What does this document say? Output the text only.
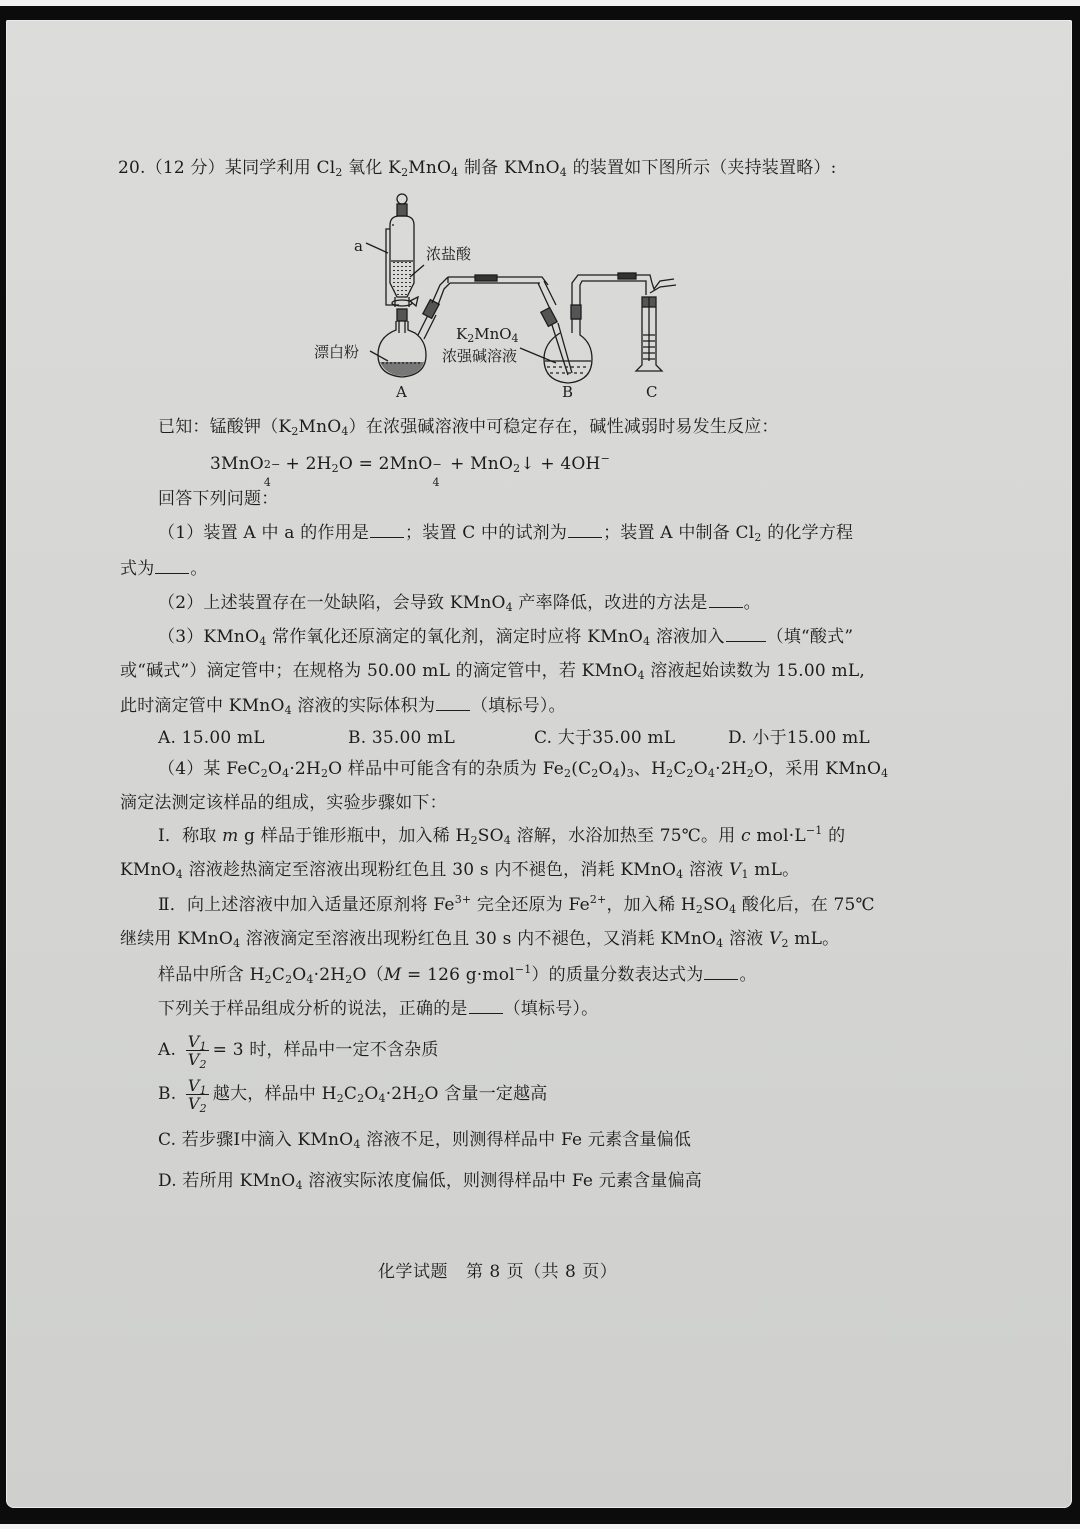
20.（12 分）某同学利用 $Cl_2$ 氧化 $K_2MnO_4$ 制备 KMnO$_4$ 的装置如下图所示（夹持装置略）:
a	浓盐酸
漂白粉
$K_2MnO_4$
浓强碱溶液
A	B	C
已知：锰酸钾$(K_2MnO_4)$在浓强碱溶液中可稳定存在，碱性减弱时易发生反应：
3MnO $2- + 2H_2O = 2MnO$ − + MnO$_2$↓ + 4OH−
回答下列问题：
（1）装置 A 中 a 的作用是 ；装置 C 中的试剂为 ；装置 A 中制备 $Cl_2$ 的化学方程
式为 。
（2）上述装置存在一处缺陷，会导致 KMnO$_4$ 产率降低，改进的方法是 。
（3）KMnO$_4$ 常作氧化还原滴定的氧化剂，滴定时应将 KMnO$_4$ 溶液加入 （填“酸式”
或“碱式”）滴定管中；在规格为 50.00 mL 的滴定管中，若 KMnO$_4$ 溶液起始读数为 15.00 mL,
此时滴定管中 KMnO$_4$ 溶液的实际体积为 （填标号）。
A. 15.00 mL	B. 35.00 mL	C. 大于35.00 mL	D. 小于15.00 mL
（4）某 $FeC_2O_4\cdot 2H_2O$ 样品中可能含有的杂质为 $Fe_2(C_2O_4)_3$、$H_2C_2O_4\cdot 2H_2O$，采用 KMnO$_4$
滴定法测定该样品的组成，实验步骤如下：
Ⅰ．称取 m g 样品于锥形瓶中，加入稀 $H_2SO_4$ 溶解，水浴加热至 75℃。用 c $mol\cdot L^{-1}$ 的
KMnO$_4$ 溶液趁热滴定至溶液出现粉红色且 30 s 内不褪色，消耗 KMnO$_4$ 溶液 $V_1$ mL。
Ⅱ．向上述溶液中加入适量还原剂将 $Fe^{3+}$ 完全还原为 $Fe^{2+}$，加入稀 $H_2SO_4$ 酸化后，在 75℃
继续用 KMnO$_4$ 溶液滴定至溶液出现粉红色且 30 s 内不褪色，又消耗 KMnO$_4$ 溶液 $V_2$ mL。
样品中所含 $H_2C_2O_4\cdot 2H_2O(M = 126$ g·mol$^{-1}$）的质量分数表达式为 。
下列关于样品组成分析的说法，正确的是 （填标号）。
A. $\frac{V_1}{V_2} = 3$ 时，样品中一定不含杂质
B. $\frac{V_1}{V_2}$ 越大，样品中 $H_2C_2O_4\cdot 2H_2O$ 含量一定越高
C. 若步骤Ⅰ中滴入 KMnO$_4$ 溶液不足，则测得样品中 Fe 元素含量偏低
D. 若所用 KMnO$_4$ 溶液实际浓度偏低，则测得样品中 Fe 元素含量偏高
化学试题 第 8 页（共 8 页）
